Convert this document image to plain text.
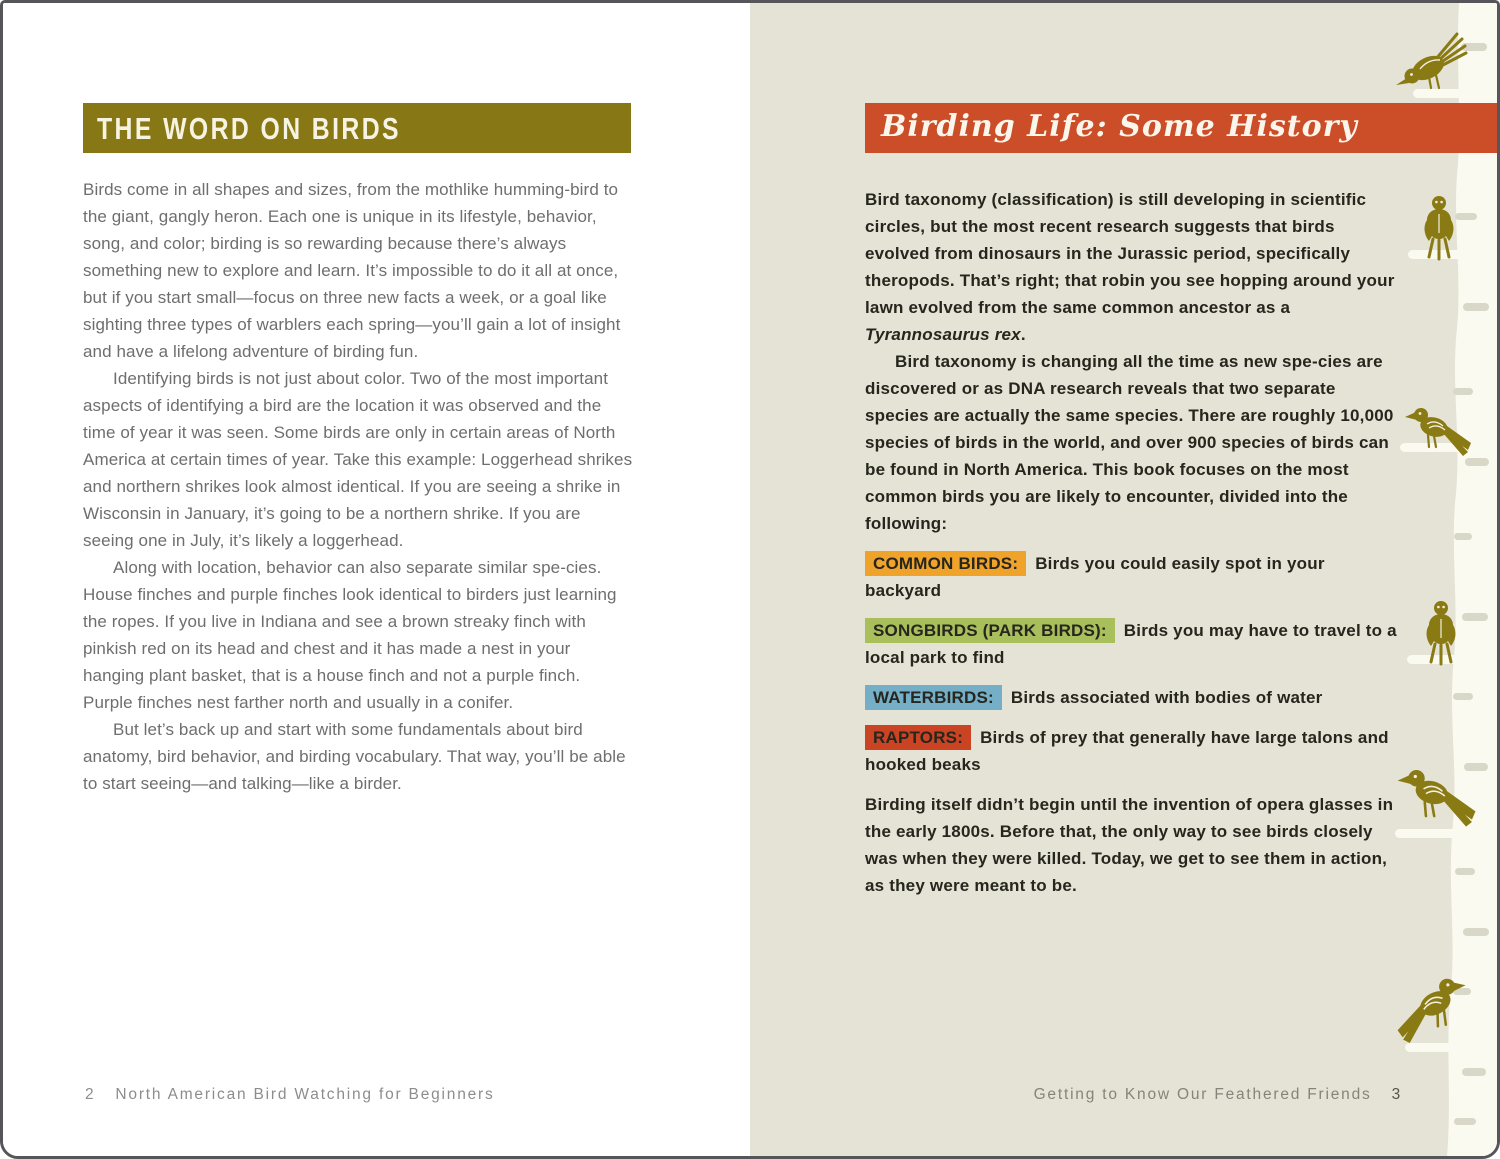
THE WORD ON BIRDS

Birds come in all shapes and sizes, from the mothlike humming-bird to the giant, gangly heron. Each one is unique in its lifestyle, behavior, song, and color; birding is so rewarding because there’s always something new to explore and learn. It’s impossible to do it all at once, but if you start small—focus on three new facts a week, or a goal like sighting three types of warblers each spring—you’ll gain a lot of insight and have a lifelong adventure of birding fun.

Identifying birds is not just about color. Two of the most important aspects of identifying a bird are the location it was observed and the time of year it was seen. Some birds are only in certain areas of North America at certain times of year. Take this example: Loggerhead shrikes and northern shrikes look almost identical. If you are seeing a shrike in Wisconsin in January, it’s going to be a northern shrike. If you are seeing one in July, it’s likely a loggerhead.

Along with location, behavior can also separate similar spe-cies. House finches and purple finches look identical to birders just learning the ropes. If you live in Indiana and see a brown streaky finch with pinkish red on its head and chest and it has made a nest in your hanging plant basket, that is a house finch and not a purple finch. Purple finches nest farther north and usually in a conifer.

But let’s back up and start with some fundamentals about bird anatomy, bird behavior, and birding vocabulary. That way, you’ll be able to start seeing—and talking—like a birder.

2 North American Bird Watching for Beginners
Birding Life: Some History

Bird taxonomy (classification) is still developing in scientific circles, but the most recent research suggests that birds evolved from dinosaurs in the Jurassic period, specifically theropods. That’s right; that robin you see hopping around your lawn evolved from the same common ancestor as a Tyrannosaurus rex.

Bird taxonomy is changing all the time as new spe-cies are discovered or as DNA research reveals that two separate species are actually the same species. There are roughly 10,000 species of birds in the world, and over 900 species of birds can be found in North America. This book focuses on the most common birds you are likely to encounter, divided into the following:

COMMON BIRDS: Birds you could easily spot in your backyard

SONGBIRDS (PARK BIRDS): Birds you may have to travel to a local park to find

WATERBIRDS: Birds associated with bodies of water

RAPTORS: Birds of prey that generally have large talons and hooked beaks

Birding itself didn’t begin until the invention of opera glasses in the early 1800s. Before that, the only way to see birds closely was when they were killed. Today, we get to see them in action, as they were meant to be.

Getting to Know Our Feathered Friends 3
